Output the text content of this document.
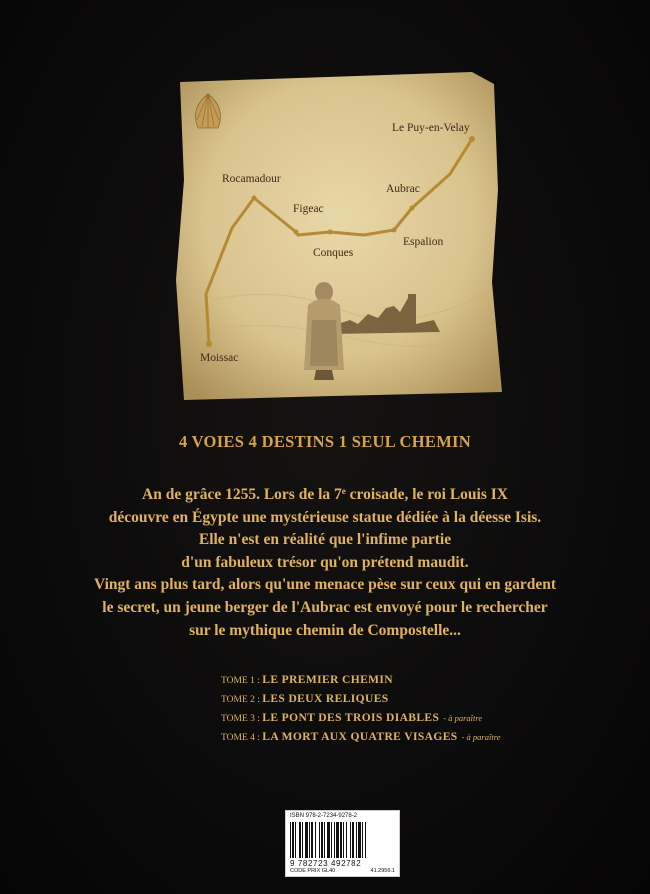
Le Puy-en-Velay
Rocamadour
Aubrac
Figeac
Espalion
Conques
Moissac
4 VOIES 4 DESTINS 1 SEUL CHEMIN
An de grâce 1255. Lors de la 7e croisade, le roi Louis IX
découvre en Égypte une mystérieuse statue dédiée à la déesse Isis.
Elle n'est en réalité que l'infime partie
d'un fabuleux trésor qu'on prétend maudit.
Vingt ans plus tard, alors qu'une menace pèse sur ceux qui en gardent
le secret, un jeune berger de l'Aubrac est envoyé pour le rechercher
sur le mythique chemin de Compostelle...
TOME 1 : LE PREMIER CHEMIN
TOME 2 : LES DEUX RELIQUES
TOME 3 : LE PONT DES TROIS DIABLES - à paraître
TOME 4 : LA MORT AUX QUATRE VISAGES - à paraître
ISBN 978-2-7234-9278-2
9 782723 492782
CODE PRIX GL40	41.2956.1
